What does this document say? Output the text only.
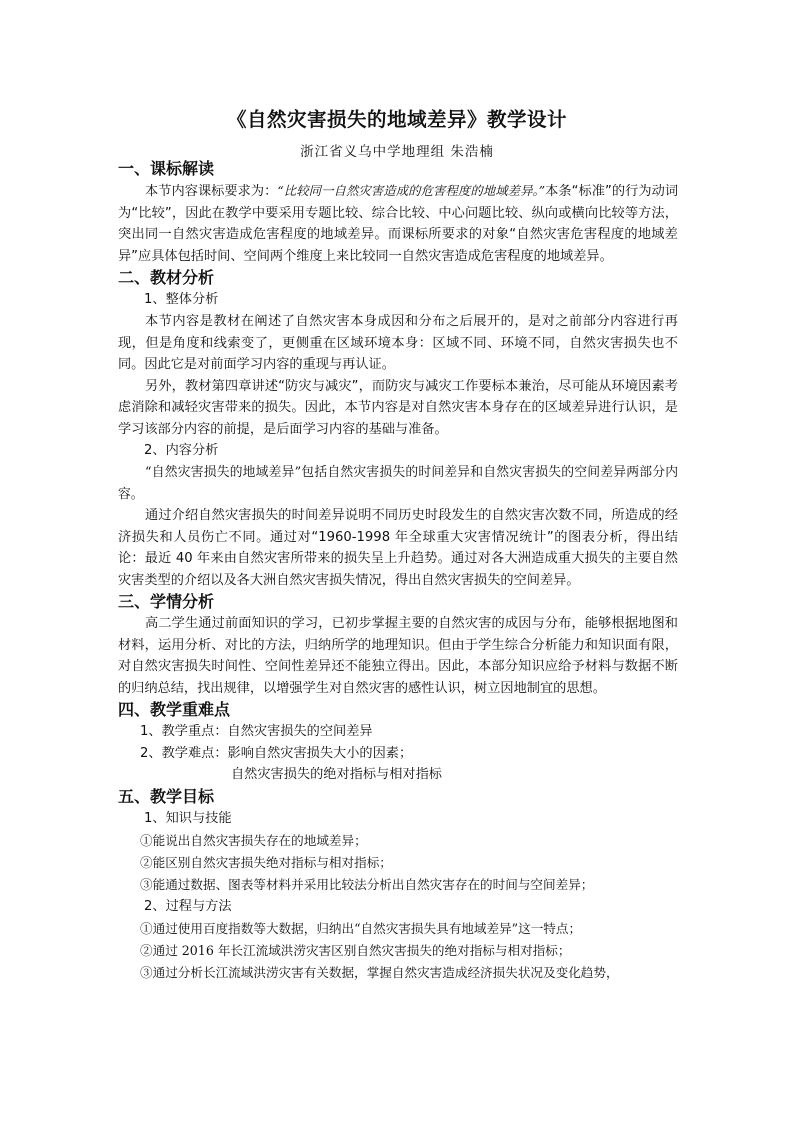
《自然灾害损失的地域差异》教学设计
浙江省义乌中学地理组 朱浩楠
一、课标解读

本节内容课标要求为：“比较同一自然灾害造成的危害程度的地域差异。”本条“标准”的行为动词为“比较”，因此在教学中要采用专题比较、综合比较、中心问题比较、纵向或横向比较等方法，突出同一自然灾害造成危害程度的地域差异。而课标所要求的对象“自然灾害危害程度的地域差异”应具体包括时间、空间两个维度上来比较同一自然灾害造成危害程度的地域差异。

二、教材分析
1、整体分析

本节内容是教材在阐述了自然灾害本身成因和分布之后展开的，是对之前部分内容进行再现，但是角度和线索变了，更侧重在区域环境本身：区域不同、环境不同，自然灾害损失也不同。因此它是对前面学习内容的重现与再认证。

另外，教材第四章讲述“防灾与减灾”，而防灾与减灾工作要标本兼治，尽可能从环境因素考虑消除和减轻灾害带来的损失。因此，本节内容是对自然灾害本身存在的区域差异进行认识，是学习该部分内容的前提，是后面学习内容的基础与准备。

2、内容分析

“自然灾害损失的地域差异”包括自然灾害损失的时间差异和自然灾害损失的空间差异两部分内容。

通过介绍自然灾害损失的时间差异说明不同历史时段发生的自然灾害次数不同，所造成的经济损失和人员伤亡不同。通过对“1960-1998 年全球重大灾害情况统计”的图表分析，得出结论：最近 40 年来由自然灾害所带来的损失呈上升趋势。通过对各大洲造成重大损失的主要自然灾害类型的介绍以及各大洲自然灾害损失情况，得出自然灾害损失的空间差异。

三、学情分析

高二学生通过前面知识的学习，已初步掌握主要的自然灾害的成因与分布，能够根据地图和材料，运用分析、对比的方法，归纳所学的地理知识。但由于学生综合分析能力和知识面有限，对自然灾害损失时间性、空间性差异还不能独立得出。因此，本部分知识应给予材料与数据不断的归纳总结，找出规律，以增强学生对自然灾害的感性认识，树立因地制宜的思想。

四、教学重难点
1、教学重点：自然灾害损失的空间差异
2、教学难点：影响自然灾害损失大小的因素；
自然灾害损失的绝对指标与相对指标
五、教学目标
1、知识与技能
①能说出自然灾害损失存在的地域差异；
②能区别自然灾害损失绝对指标与相对指标；
③能通过数据、图表等材料并采用比较法分析出自然灾害存在的时间与空间差异；
2、过程与方法
①通过使用百度指数等大数据，归纳出“自然灾害损失具有地域差异”这一特点；
②通过 2016 年长江流域洪涝灾害区别自然灾害损失的绝对指标与相对指标；
③通过分析长江流域洪涝灾害有关数据，掌握自然灾害造成经济损失状况及变化趋势，
